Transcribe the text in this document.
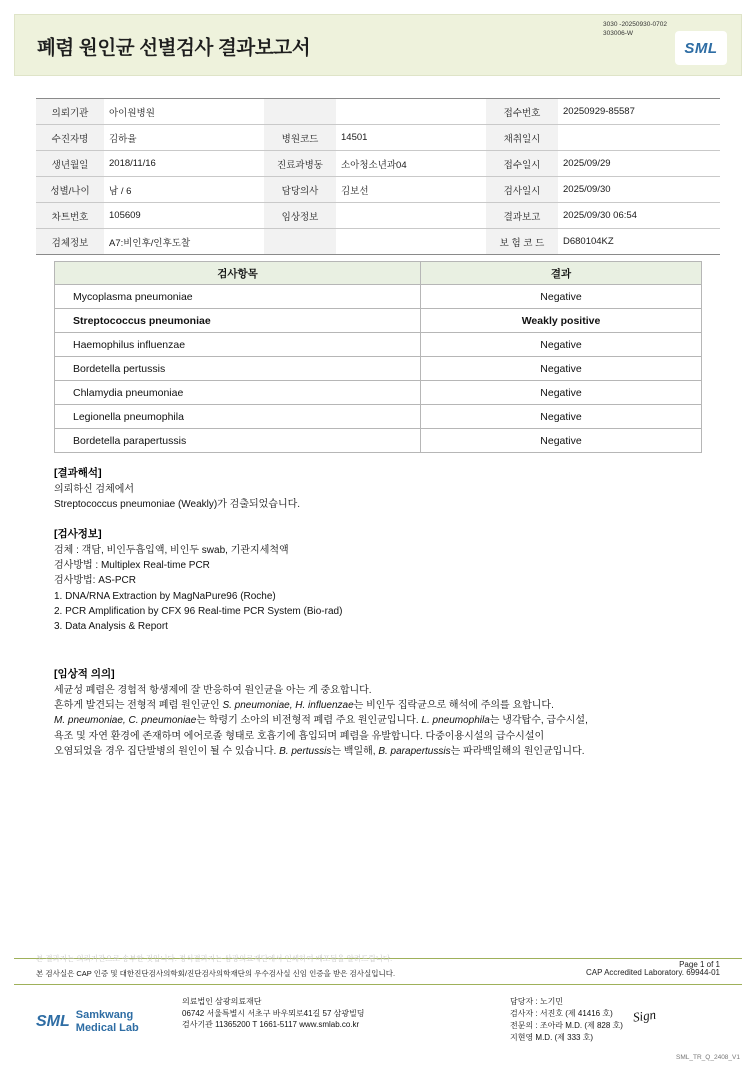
폐렴 원인균 선별검사 결과보고서
3030 -20250930-0702
303006-W
SML
의뢰기관	아이원병원			접수번호	20250929-85587
수진자명	김하율	병원코드	14501	채취일시	
생년월일	2018/11/16	진료과병동	소아청소년과04	접수일시	2025/09/29
성별/나이	남 / 6	담당의사	김보선	검사일시	2025/09/30
차트번호	105609	임상정보		결과보고	2025/09/30 06:54
검체정보	A7:비인후/인후도찰			보 험 코 드	D680104KZ
검사항목	결과
Mycoplasma pneumoniae	Negative
Streptococcus pneumoniae	Weakly positive
Haemophilus influenzae	Negative
Bordetella pertussis	Negative
Chlamydia pneumoniae	Negative
Legionella pneumophila	Negative
Bordetella parapertussis	Negative
[결과해석]
의뢰하신 검체에서
Streptococcus pneumoniae (Weakly)가 검출되었습니다.
[검사정보]
검체 : 객담, 비인두흡입액, 비인두 swab, 기관지세척액
검사방법 : Multiplex Real-time PCR
검사방법: AS-PCR
1. DNA/RNA Extraction by MagNaPure96 (Roche)
2. PCR Amplification by CFX 96 Real-time PCR System (Bio-rad)
3. Data Analysis & Report
[임상적 의의]
세균성 폐렴은 경험적 항생제에 잘 반응하여 원인균을 아는 게 중요합니다.
흔하게 발견되는 전형적 폐렴 원인균인 S. pneumoniae, H. influenzae는 비인두 집락균으로 해석에 주의를 요합니다.
M. pneumoniae, C. pneumoniae는 학령기 소아의 비전형적 폐렴 주요 원인균입니다. L. pneumophila는 냉각탑수, 급수시설,
욕조 및 자연 환경에 존재하며 에어로졸 형태로 호흡기에 흡입되며 폐렴을 유발합니다. 다중이용시설의 급수시설이
오염되었을 경우 집단발병의 원인이 될 수 있습니다. B. pertussis는 백일해, B. parapertussis는 파라백일해의 원인균입니다.
Page 1 of 1
본 결과지는 의뢰기관으로 송부한 것입니다. 정식결과지는 삼광의료재단에서 인쇄하여 배포됨을 알려드립니다.
본 검사실은 CAP 인증 및 대한진단검사의학회/진단검사의학재단의 우수검사실 신임 인증을 받은 검사실입니다.	CAP Accredited Laboratory. 69944-01
SML Samkwang
Medical Lab
의료법인 삼광의료재단
06742 서울특별시 서초구 바우뫼로41길 57 삼광빌딩
검사기관 11365200 T 1661-5117 www.smlab.co.kr
담당자 : 노기민
검사자 : 서진호 (제 41416 호)
전문의 : 조아라 M.D. (제 828 호)
지현영 M.D. (제 333 호)
Sign
SML_TR_Q_2408_V1
